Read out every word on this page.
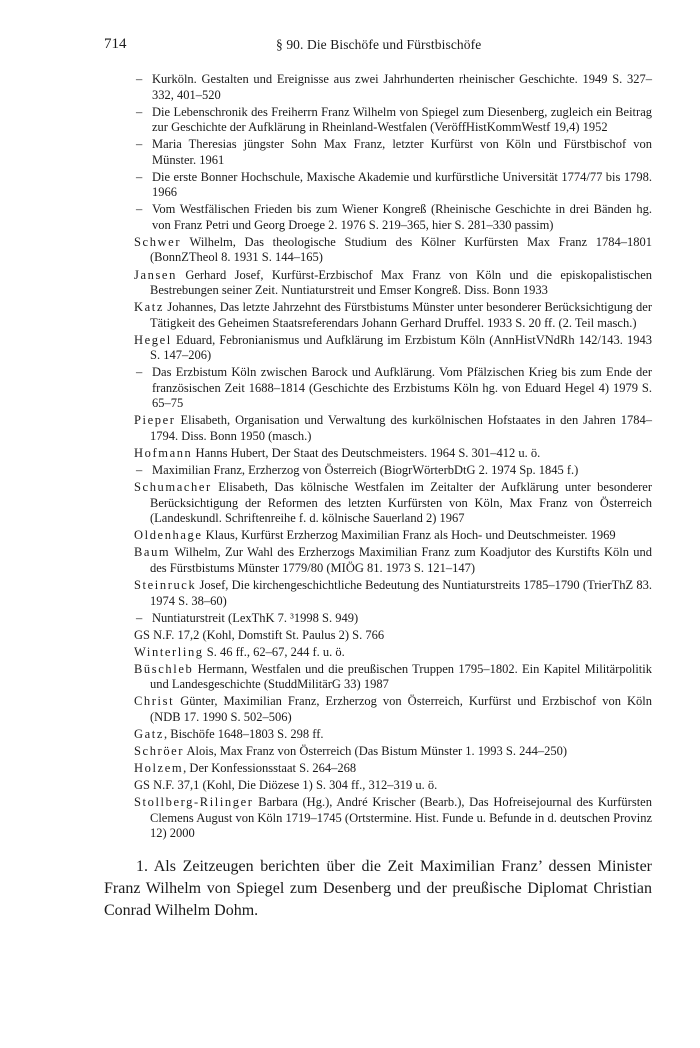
714	§ 90. Die Bischöfe und Fürstbischöfe

– Kurköln. Gestalten und Ereignisse aus zwei Jahrhunderten rheinischer Geschichte. 1949 S. 327–332, 401–520

– Die Lebenschronik des Freiherrn Franz Wilhelm von Spiegel zum Diesenberg, zugleich ein Beitrag zur Geschichte der Aufklärung in Rheinland-Westfalen (VeröffHistKommWestf 19,4) 1952

– Maria Theresias jüngster Sohn Max Franz, letzter Kurfürst von Köln und Fürstbischof von Münster. 1961

– Die erste Bonner Hochschule, Maxische Akademie und kurfürstliche Universität 1774/77 bis 1798. 1966

– Vom Westfälischen Frieden bis zum Wiener Kongreß (Rheinische Geschichte in drei Bänden hg. von Franz Petri und Georg Droege 2. 1976 S. 219–365, hier S. 281–330 passim)

Schwer Wilhelm, Das theologische Studium des Kölner Kurfürsten Max Franz 1784–1801 (BonnZTheol 8. 1931 S. 144–165)

Jansen Gerhard Josef, Kurfürst-Erzbischof Max Franz von Köln und die episkopalistischen Bestrebungen seiner Zeit. Nuntiaturstreit und Emser Kongreß. Diss. Bonn 1933

Katz Johannes, Das letzte Jahrzehnt des Fürstbistums Münster unter besonderer Berücksichtigung der Tätigkeit des Geheimen Staatsreferendars Johann Gerhard Druffel. 1933 S. 20 ff. (2. Teil masch.)

Hegel Eduard, Febronianismus und Aufklärung im Erzbistum Köln (AnnHistVNdRh 142/143. 1943 S. 147–206)

– Das Erzbistum Köln zwischen Barock und Aufklärung. Vom Pfälzischen Krieg bis zum Ende der französischen Zeit 1688–1814 (Geschichte des Erzbistums Köln hg. von Eduard Hegel 4) 1979 S. 65–75

Pieper Elisabeth, Organisation und Verwaltung des kurkölnischen Hofstaates in den Jahren 1784–1794. Diss. Bonn 1950 (masch.)

Hofmann Hanns Hubert, Der Staat des Deutschmeisters. 1964 S. 301–412 u. ö.

– Maximilian Franz, Erzherzog von Österreich (BiogrWörterbDtG 2. 1974 Sp. 1845 f.)

Schumacher Elisabeth, Das kölnische Westfalen im Zeitalter der Aufklärung unter besonderer Berücksichtigung der Reformen des letzten Kurfürsten von Köln, Max Franz von Österreich (Landeskundl. Schriftenreihe f. d. kölnische Sauerland 2) 1967

Oldenhage Klaus, Kurfürst Erzherzog Maximilian Franz als Hoch- und Deutschmeister. 1969

Baum Wilhelm, Zur Wahl des Erzherzogs Maximilian Franz zum Koadjutor des Kurstifts Köln und des Fürstbistums Münster 1779/80 (MIÖG 81. 1973 S. 121–147)

Steinruck Josef, Die kirchengeschichtliche Bedeutung des Nuntiaturstreits 1785–1790 (TrierThZ 83. 1974 S. 38–60)

– Nuntiaturstreit (LexThK 7. ³1998 S. 949)

GS N.F. 17,2 (Kohl, Domstift St. Paulus 2) S. 766

Winterling S. 46 ff., 62–67, 244 f. u. ö.

Büschleb Hermann, Westfalen und die preußischen Truppen 1795–1802. Ein Kapitel Militärpolitik und Landesgeschichte (StuddMilitärG 33) 1987

Christ Günter, Maximilian Franz, Erzherzog von Österreich, Kurfürst und Erzbischof von Köln (NDB 17. 1990 S. 502–506)

Gatz, Bischöfe 1648–1803 S. 298 ff.

Schröer Alois, Max Franz von Österreich (Das Bistum Münster 1. 1993 S. 244–250)

Holzem, Der Konfessionsstaat S. 264–268

GS N.F. 37,1 (Kohl, Die Diözese 1) S. 304 ff., 312–319 u. ö.

Stollberg-Rilinger Barbara (Hg.), André Krischer (Bearb.), Das Hofreisejournal des Kurfürsten Clemens August von Köln 1719–1745 (Ortstermine. Hist. Funde u. Befunde in d. deutschen Provinz 12) 2000

1. Als Zeitzeugen berichten über die Zeit Maximilian Franz’ dessen Minister Franz Wilhelm von Spiegel zum Desenberg und der preußische Diplomat Christian Conrad Wilhelm Dohm.
